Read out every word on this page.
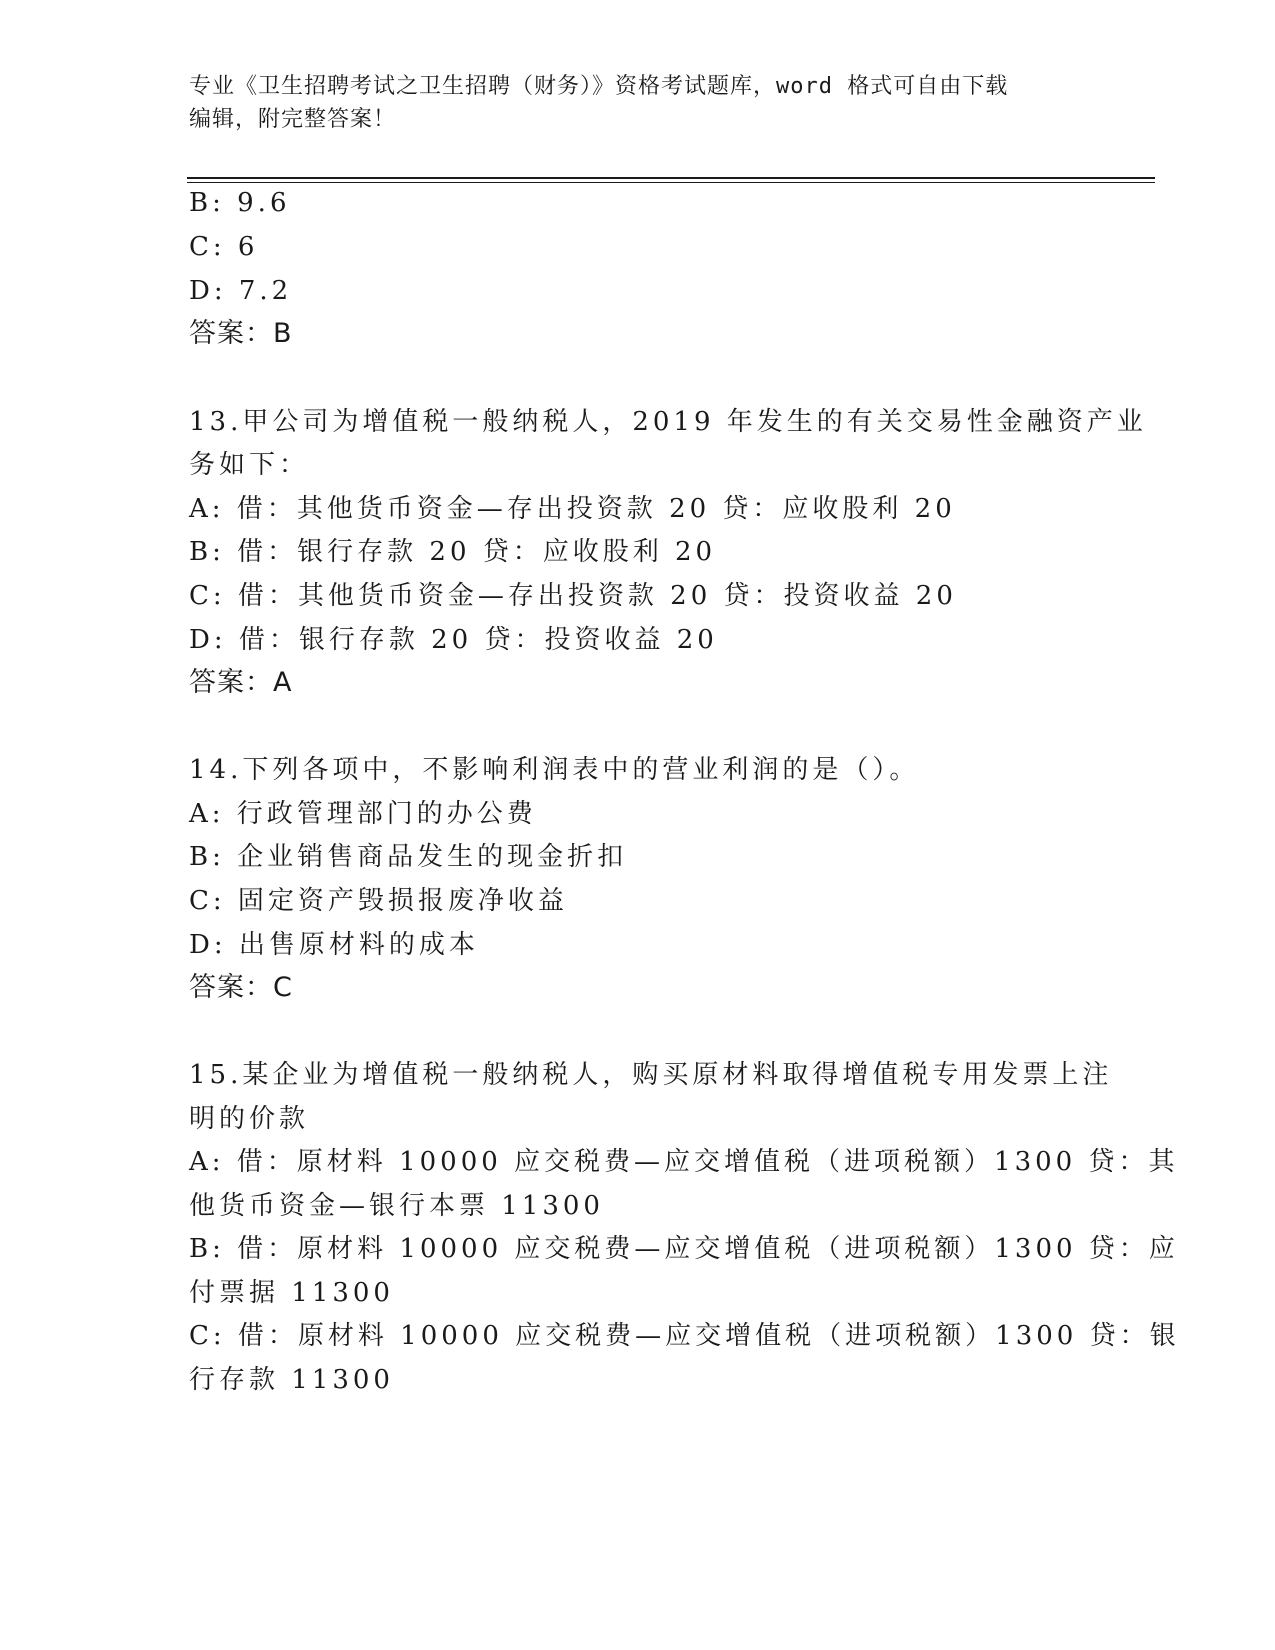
专业《卫生招聘考试之卫生招聘（财务）》资格考试题库，word 格式可自由下载
编辑，附完整答案！
B: 9.6
C: 6
D: 7.2
答案：B
13.甲公司为增值税一般纳税人，2019 年发生的有关交易性金融资产业
务如下：
A: 借：其他货币资金—存出投资款 20 贷：应收股利 20
B: 借：银行存款 20 贷：应收股利 20
C: 借：其他货币资金—存出投资款 20 贷：投资收益 20
D: 借：银行存款 20 贷：投资收益 20
答案：A
14.下列各项中，不影响利润表中的营业利润的是（）。
A: 行政管理部门的办公费
B: 企业销售商品发生的现金折扣
C: 固定资产毁损报废净收益
D: 出售原材料的成本
答案：C
15.某企业为增值税一般纳税人，购买原材料取得增值税专用发票上注
明的价款
A: 借：原材料 10000 应交税费—应交增值税（进项税额）1300 贷：其
他货币资金—银行本票 11300
B: 借：原材料 10000 应交税费—应交增值税（进项税额）1300 贷：应
付票据 11300
C: 借：原材料 10000 应交税费—应交增值税（进项税额）1300 贷：银
行存款 11300
